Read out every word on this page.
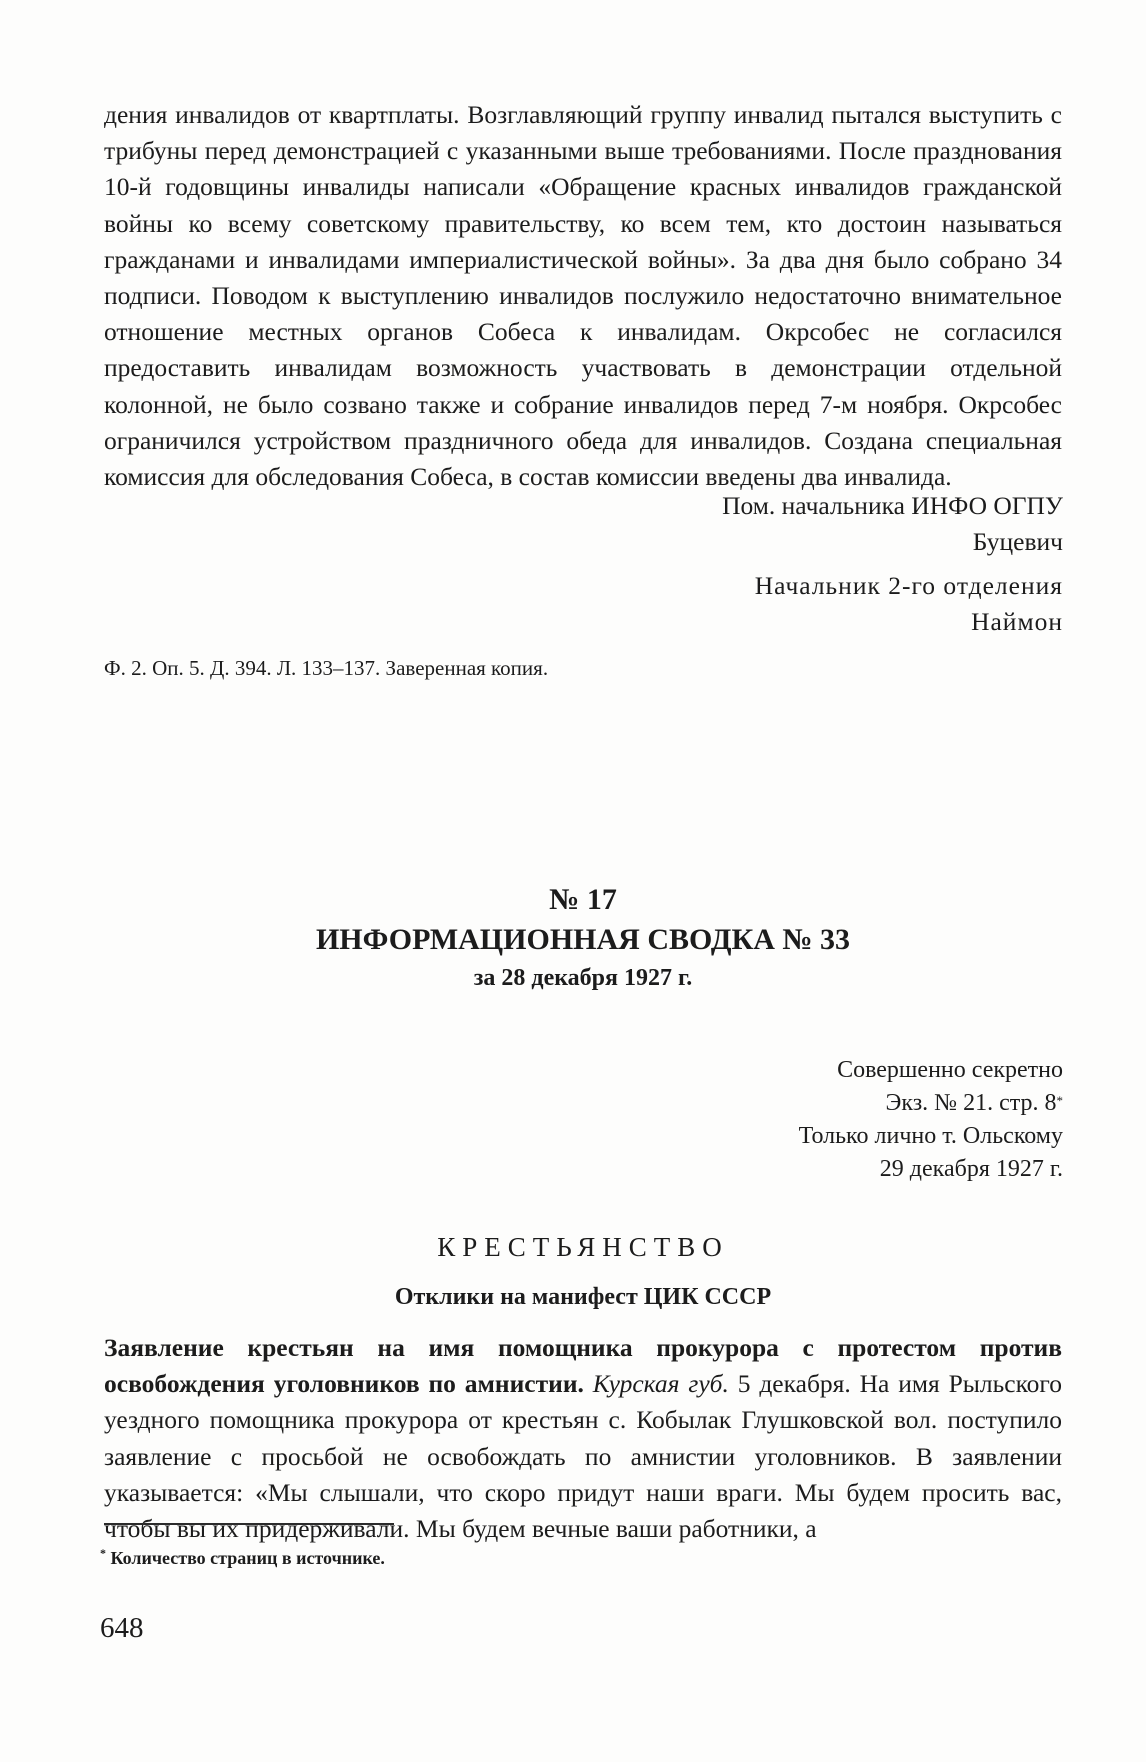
дения инвалидов от квартплаты. Возглавляющий группу инвалид пытался выступить с трибуны перед демонстрацией с указанными выше требованиями. После празднования 10-й годовщины инвалиды написали «Обращение красных инвалидов гражданской войны ко всему советскому правительству, ко всем тем, кто достоин называться гражданами и инвалидами империалистической войны». За два дня было собрано 34 подписи. Поводом к выступлению инвалидов послужило недостаточно внимательное отношение местных органов Собеса к инвалидам. Окрсобес не согласился предоставить инвалидам возможность участвовать в демонстрации отдельной колонной, не было созвано также и собрание инвалидов перед 7-м ноября. Окрсобес ограничился устройством праздничного обеда для инвалидов. Создана специальная комиссия для обследования Собеса, в состав комиссии введены два инвалида.
Пом. начальника ИНФО ОГПУ
Буцевич
Начальник 2-го отделения
Наймон
Ф. 2. Оп. 5. Д. 394. Л. 133–137. Заверенная копия.
№ 17
ИНФОРМАЦИОННАЯ СВОДКА № 33
за 28 декабря 1927 г.
Совершенно секретно
Экз. № 21. стр. 8*
Только лично т. Ольскому
29 декабря 1927 г.
КРЕСТЬЯНСТВО
Отклики на манифест ЦИК СССР
Заявление крестьян на имя помощника прокурора с протестом против освобождения уголовников по амнистии. Курская губ. 5 декабря. На имя Рыльского уездного помощника прокурора от крестьян с. Кобылак Глушковской вол. поступило заявление с просьбой не освобождать по амнистии уголовников. В заявлении указывается: «Мы слышали, что скоро придут наши враги. Мы будем просить вас, чтобы вы их придерживали. Мы будем вечные ваши работники, а
* Количество страниц в источнике.
648
